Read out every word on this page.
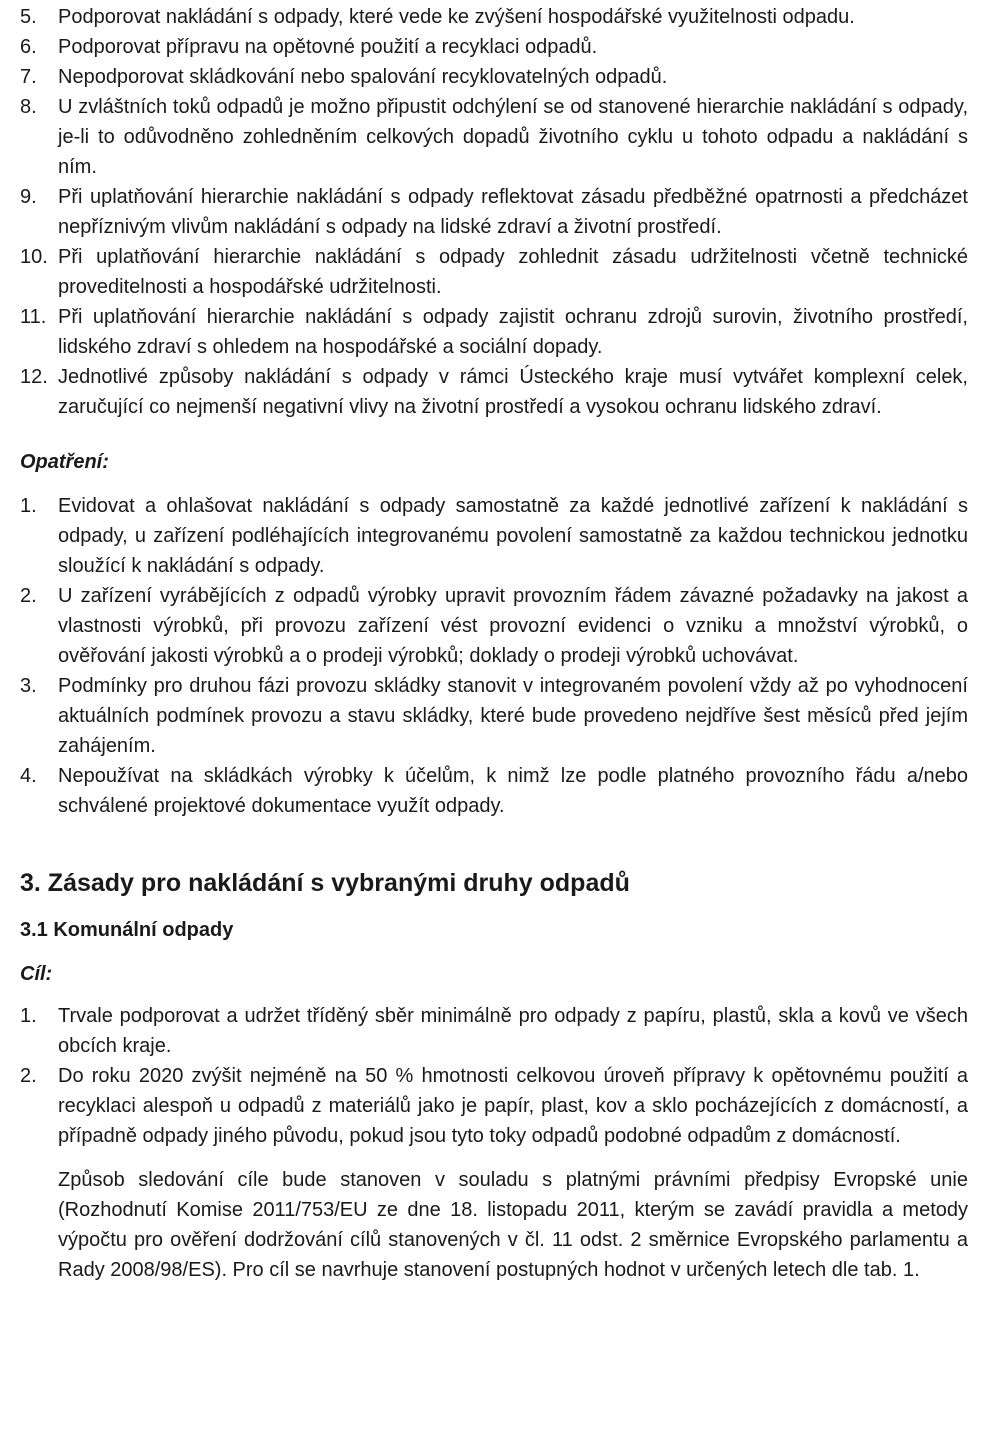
5.	Podporovat nakládání s odpady, které vede ke zvýšení hospodářské využitelnosti odpadu.
6.	Podporovat přípravu na opětovné použití a recyklaci odpadů.
7.	Nepodporovat skládkování nebo spalování recyklovatelných odpadů.
8.	U zvláštních toků odpadů je možno připustit odchýlení se od stanovené hierarchie nakládání s odpady, je-li to odůvodněno zohledněním celkových dopadů životního cyklu u tohoto odpadu a nakládání s ním.
9.	Při uplatňování hierarchie nakládání s odpady reflektovat zásadu předběžné opatrnosti a předcházet nepříznivým vlivům nakládání s odpady na lidské zdraví a životní prostředí.
10. Při uplatňování hierarchie nakládání s odpady zohlednit zásadu udržitelnosti včetně technické proveditelnosti a hospodářské udržitelnosti.
11. Při uplatňování hierarchie nakládání s odpady zajistit ochranu zdrojů surovin, životního prostředí, lidského zdraví s ohledem na hospodářské a sociální dopady.
12. Jednotlivé způsoby nakládání s odpady v rámci Ústeckého kraje musí vytvářet komplexní celek, zaručující co nejmenší negativní vlivy na životní prostředí a vysokou ochranu lidského zdraví.

Opatření:

1.	Evidovat a ohlašovat nakládání s odpady samostatně za každé jednotlivé zařízení k nakládání s odpady, u zařízení podléhajících integrovanému povolení samostatně za každou technickou jednotku sloužící k nakládání s odpady.
2.	U zařízení vyrábějících z odpadů výrobky upravit provozním řádem závazné požadavky na jakost a vlastnosti výrobků, při provozu zařízení vést provozní evidenci o vzniku a množství výrobků, o ověřování jakosti výrobků a o prodeji výrobků; doklady o prodeji výrobků uchovávat.
3.	Podmínky pro druhou fázi provozu skládky stanovit v integrovaném povolení vždy až po vyhodnocení aktuálních podmínek provozu a stavu skládky, které bude provedeno nejdříve šest měsíců před jejím zahájením.
4.	Nepoužívat na skládkách výrobky k účelům, k nimž lze podle platného provozního řádu a/nebo schválené projektové dokumentace využít odpady.
3. Zásady pro nakládání s vybranými druhy odpadů
3.1 Komunální odpady

Cíl:

1.	Trvale podporovat a udržet tříděný sběr minimálně pro odpady z papíru, plastů, skla a kovů ve všech obcích kraje.
2.	Do roku 2020 zvýšit nejméně na 50 % hmotnosti celkovou úroveň přípravy k opětovnému použití a recyklaci alespoň u odpadů z materiálů jako je papír, plast, kov a sklo pocházejících z domácností, a případně odpady jiného původu, pokud jsou tyto toky odpadů podobné odpadům z domácností.

Způsob sledování cíle bude stanoven v souladu s platnými právními předpisy Evropské unie (Rozhodnutí Komise 2011/753/EU ze dne 18. listopadu 2011, kterým se zavádí pravidla a metody výpočtu pro ověření dodržování cílů stanovených v čl. 11 odst. 2 směrnice Evropského parlamentu a Rady 2008/98/ES). Pro cíl se navrhuje stanovení postupných hodnot v určených letech dle tab. 1.
